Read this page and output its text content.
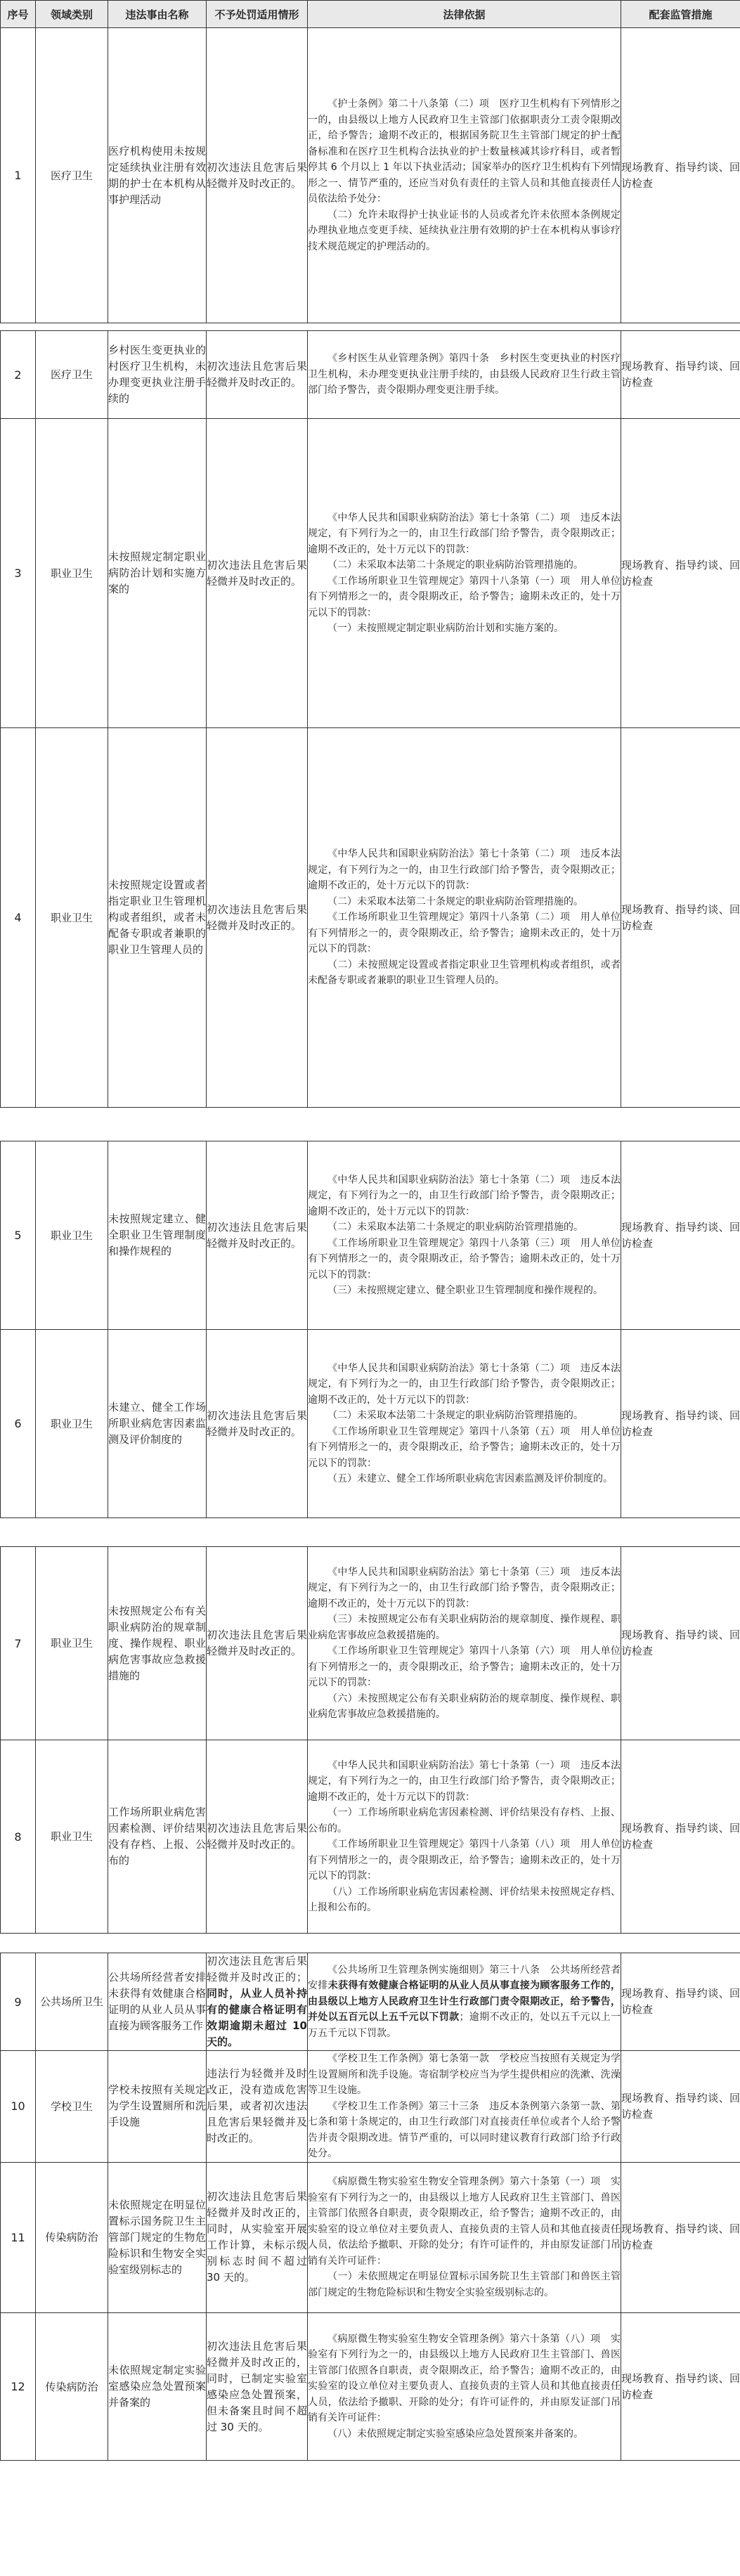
序号	领域类别	违法事由名称	不予处罚适用情形	法律依据	配套监管措施
1	医疗卫生	医疗机构使用未按规定延续执业注册有效期的护士在本机构从事护理活动	初次违法且危害后果轻微并及时改正的。	《护士条例》第二十八条第（二）项　医疗卫生机构有下列情形之一的，由县级以上地方人民政府卫生主管部门依据职责分工责令限期改正，给予警告；逾期不改正的，根据国务院卫生主管部门规定的护士配备标准和在医疗卫生机构合法执业的护士数量核减其诊疗科目，或者暂停其 6 个月以上 1 年以下执业活动；国家举办的医疗卫生机构有下列情形之一、情节严重的，还应当对负有责任的主管人员和其他直接责任人员依法给予处分：

（二）允许未取得护士执业证书的人员或者允许未依照本条例规定办理执业地点变更手续、延续执业注册有效期的护士在本机构从事诊疗技术规范规定的护理活动的。	现场教育、指导约谈、回访检查
2	医疗卫生	乡村医生变更执业的村医疗卫生机构，未办理变更执业注册手续的	初次违法且危害后果轻微并及时改正的。	《乡村医生从业管理条例》第四十条　乡村医生变更执业的村医疗卫生机构，未办理变更执业注册手续的，由县级人民政府卫生行政主管部门给予警告，责令限期办理变更注册手续。	现场教育、指导约谈、回访检查
3	职业卫生	未按照规定制定职业病防治计划和实施方案的	初次违法且危害后果轻微并及时改正的。	《中华人民共和国职业病防治法》第七十条第（二）项　违反本法规定，有下列行为之一的，由卫生行政部门给予警告，责令限期改正；逾期不改正的，处十万元以下的罚款：

（二）未采取本法第二十条规定的职业病防治管理措施的。

《工作场所职业卫生管理规定》第四十八条第（一）项　用人单位有下列情形之一的，责令限期改正，给予警告；逾期未改正的，处十万元以下的罚款：

（一）未按照规定制定职业病防治计划和实施方案的。	现场教育、指导约谈、回访检查
4	职业卫生	未按照规定设置或者指定职业卫生管理机构或者组织，或者未配备专职或者兼职的职业卫生管理人员的	初次违法且危害后果轻微并及时改正的。	《中华人民共和国职业病防治法》第七十条第（二）项　违反本法规定，有下列行为之一的，由卫生行政部门给予警告，责令限期改正；逾期不改正的，处十万元以下的罚款：

（二）未采取本法第二十条规定的职业病防治管理措施的。

《工作场所职业卫生管理规定》第四十八条第（二）项　用人单位有下列情形之一的，责令限期改正，给予警告；逾期未改正的，处十万元以下的罚款：

（二）未按照规定设置或者指定职业卫生管理机构或者组织，或者未配备专职或者兼职的职业卫生管理人员的。	现场教育、指导约谈、回访检查
5	职业卫生	未按照规定建立、健全职业卫生管理制度和操作规程的	初次违法且危害后果轻微并及时改正的。	《中华人民共和国职业病防治法》第七十条第（二）项　违反本法规定，有下列行为之一的，由卫生行政部门给予警告，责令限期改正；逾期不改正的，处十万元以下的罚款：

（二）未采取本法第二十条规定的职业病防治管理措施的。

《工作场所职业卫生管理规定》第四十八条第（三）项　用人单位有下列情形之一的，责令限期改正，给予警告；逾期未改正的，处十万元以下的罚款：

（三）未按照规定建立、健全职业卫生管理制度和操作规程的。	现场教育、指导约谈、回访检查
6	职业卫生	未建立、健全工作场所职业病危害因素监测及评价制度的	初次违法且危害后果轻微并及时改正的。	《中华人民共和国职业病防治法》第七十条第（二）项　违反本法规定，有下列行为之一的，由卫生行政部门给予警告，责令限期改正；逾期不改正的，处十万元以下的罚款：

（二）未采取本法第二十条规定的职业病防治管理措施的。

《工作场所职业卫生管理规定》第四十八条第（五）项　用人单位有下列情形之一的，责令限期改正，给予警告；逾期未改正的，处十万元以下的罚款：

（五）未建立、健全工作场所职业病危害因素监测及评价制度的。	现场教育、指导约谈、回访检查
7	职业卫生	未按照规定公布有关职业病防治的规章制度、操作规程、职业病危害事故应急救援措施的	初次违法且危害后果轻微并及时改正的。	《中华人民共和国职业病防治法》第七十条第（三）项　违反本法规定，有下列行为之一的，由卫生行政部门给予警告，责令限期改正；逾期不改正的，处十万元以下的罚款：

（三）未按照规定公布有关职业病防治的规章制度、操作规程、职业病危害事故应急救援措施的。

《工作场所职业卫生管理规定》第四十八条第（六）项　用人单位有下列情形之一的，责令限期改正，给予警告；逾期未改正的，处十万元以下的罚款：

（六）未按照规定公布有关职业病防治的规章制度、操作规程、职业病危害事故应急救援措施的。	现场教育、指导约谈、回访检查
8	职业卫生	工作场所职业病危害因素检测、评价结果没有存档、上报、公布的	初次违法且危害后果轻微并及时改正的。	《中华人民共和国职业病防治法》第七十条第（一）项　违反本法规定，有下列行为之一的，由卫生行政部门给予警告，责令限期改正；逾期不改正的，处十万元以下的罚款：

（一）工作场所职业病危害因素检测、评价结果没有存档、上报、公布的。

《工作场所职业卫生管理规定》第四十八条第（八）项　用人单位有下列情形之一的，责令限期改正，给予警告；逾期未改正的，处十万元以下的罚款：

（八）工作场所职业病危害因素检测、评价结果未按照规定存档、上报和公布的。	现场教育、指导约谈、回访检查
9	公共场所卫生	公共场所经营者安排未获得有效健康合格证明的从业人员从事直接为顾客服务工作	初次违法且危害后果轻微并及时改正的；同时，从业人员补持有的健康合格证明有效期逾期未超过 10 天的。	《公共场所卫生管理条例实施细则》第三十八条　公共场所经营者安排未获得有效健康合格证明的从业人员从事直接为顾客服务工作的，由县级以上地方人民政府卫生计生行政部门责令限期改正，给予警告，并处以五百元以上五千元以下罚款；逾期不改正的，处以五千元以上一万五千元以下罚款。	现场教育、指导约谈、回访检查
10	学校卫生	学校未按照有关规定为学生设置厕所和洗手设施	违法行为轻微并及时改正，没有造成危害后果，或者初次违法且危害后果轻微并及时改正的。	《学校卫生工作条例》第七条第一款　学校应当按照有关规定为学生设置厕所和洗手设施。寄宿制学校应当为学生提供相应的洗漱、洗澡等卫生设施。

《学校卫生工作条例》第三十三条　违反本条例第六条第一款、第七条和第十条规定的，由卫生行政部门对直接责任单位或者个人给予警告并责令限期改进。情节严重的，可以同时建议教育行政部门给予行政处分。	现场教育、指导约谈、回访检查
11	传染病防治	未依照规定在明显位置标示国务院卫生主管部门规定的生物危险标识和生物安全实验室级别标志的	初次违法且危害后果轻微并及时改正的，同时，从实验室开展工作计算，未标示级别标志时间不超过 30 天的。	《病原微生物实验室生物安全管理条例》第六十条第（一）项　实验室有下列行为之一的，由县级以上地方人民政府卫生主管部门、兽医主管部门依照各自职责，责令限期改正，给予警告；逾期不改正的，由实验室的设立单位对主要负责人、直接负责的主管人员和其他直接责任人员，依法给予撤职、开除的处分；有许可证件的，并由原发证部门吊销有关许可证件：

（一）未依照规定在明显位置标示国务院卫生主管部门和兽医主管部门规定的生物危险标识和生物安全实验室级别标志的。	现场教育、指导约谈、回访检查
12	传染病防治	未依照规定制定实验室感染应急处置预案并备案的	初次违法且危害后果轻微并及时改正的，同时，已制定实验室感染应急处置预案，但未备案且时间不超过 30 天的。	

《病原微生物实验室生物安全管理条例》第六十条第（八）项　实验室有下列行为之一的，由县级以上地方人民政府卫生主管部门、兽医主管部门依照各自职责，责令限期改正，给予警告；逾期不改正的，由实验室的设立单位对主要负责人、直接负责的主管人员和其他直接责任人员，依法给予撤职、开除的处分；有许可证件的，并由原发证部门吊销有关许可证件：

（八）未依照规定制定实验室感染应急处置预案并备案的。

	现场教育、指导约谈、回访检查
